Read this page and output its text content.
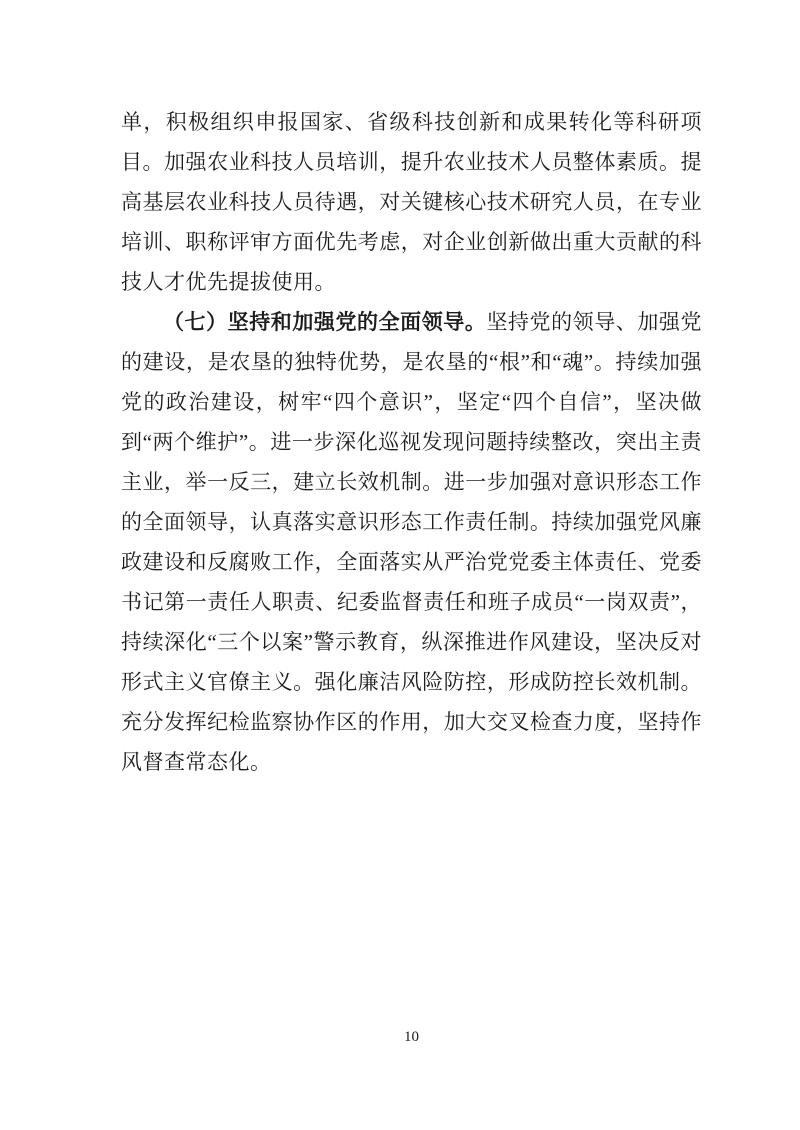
单，积极组织申报国家、省级科技创新和成果转化等科研项目。加强农业科技人员培训，提升农业技术人员整体素质。提高基层农业科技人员待遇，对关键核心技术研究人员，在专业培训、职称评审方面优先考虑，对企业创新做出重大贡献的科技人才优先提拔使用。

（七）坚持和加强党的全面领导。坚持党的领导、加强党的建设，是农垦的独特优势，是农垦的“根”和“魂”。持续加强党的政治建设，树牢“四个意识”，坚定“四个自信”，坚决做到“两个维护”。进一步深化巡视发现问题持续整改，突出主责主业，举一反三，建立长效机制。进一步加强对意识形态工作的全面领导，认真落实意识形态工作责任制。持续加强党风廉政建设和反腐败工作，全面落实从严治党党委主体责任、党委书记第一责任人职责、纪委监督责任和班子成员“一岗双责”，持续深化“三个以案”警示教育，纵深推进作风建设，坚决反对形式主义官僚主义。强化廉洁风险防控，形成防控长效机制。充分发挥纪检监察协作区的作用，加大交叉检查力度，坚持作风督查常态化。

10
